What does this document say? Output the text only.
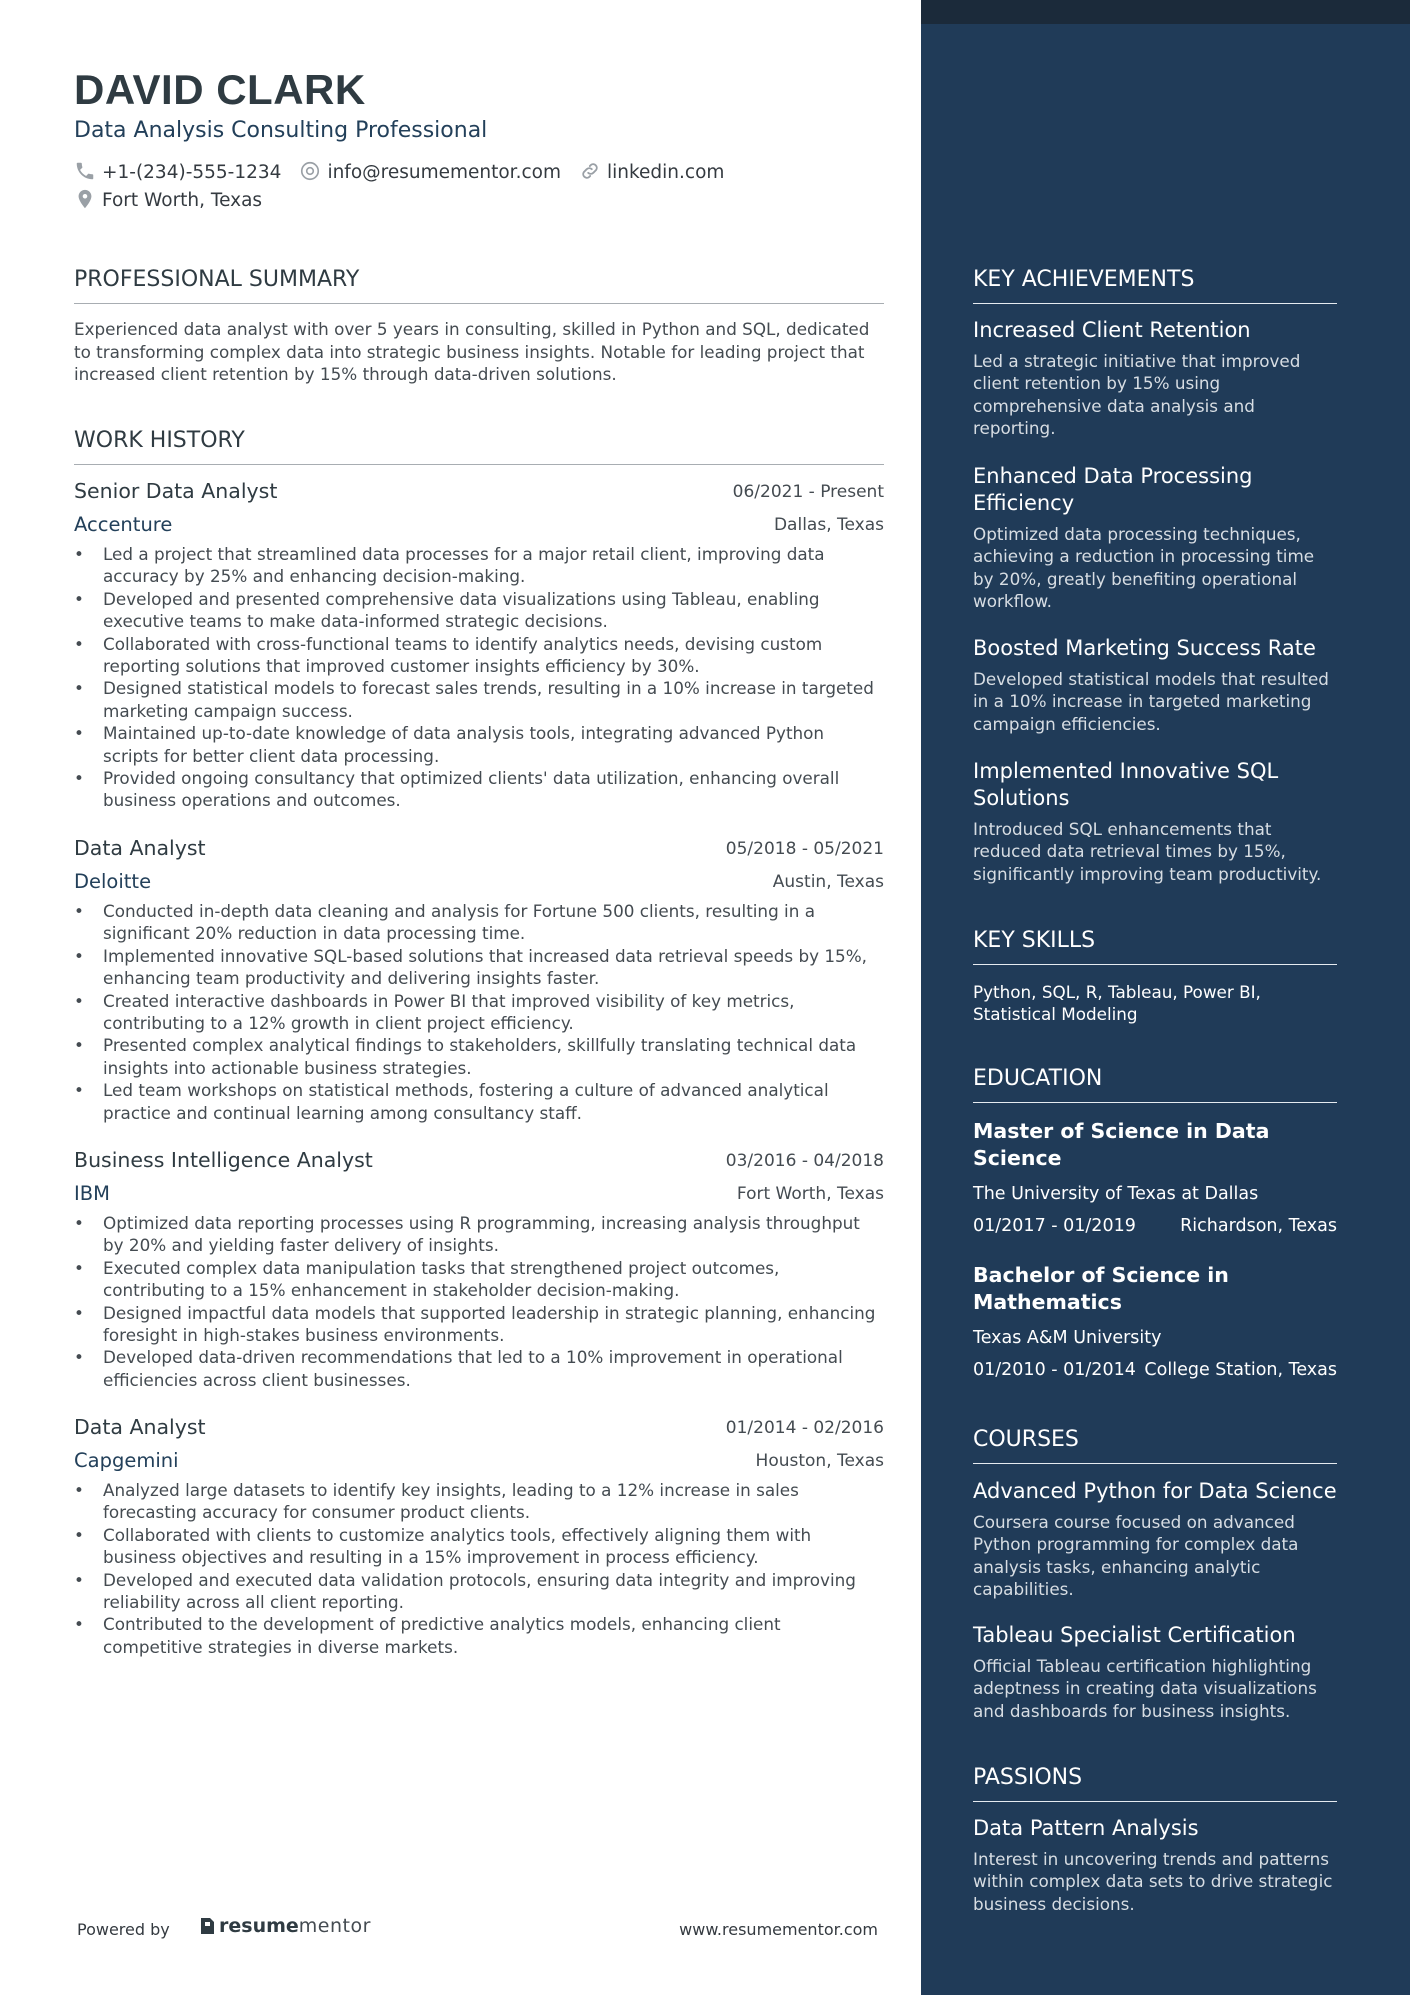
DAVID CLARK
Data Analysis Consulting Professional
+1-(234)-555-1234 info@resumementor.com linkedin.com
Fort Worth, Texas
PROFESSIONAL SUMMARY
Experienced data analyst with over 5 years in consulting, skilled in Python and SQL, dedicated to transforming complex data into strategic business insights. Notable for leading project that increased client retention by 15% through data-driven solutions.
WORK HISTORY
Senior Data Analyst	06/2021 - Present
Accenture	Dallas, Texas
• Led a project that streamlined data processes for a major retail client, improving data accuracy by 25% and enhancing decision-making.
• Developed and presented comprehensive data visualizations using Tableau, enabling executive teams to make data-informed strategic decisions.
• Collaborated with cross-functional teams to identify analytics needs, devising custom reporting solutions that improved customer insights efficiency by 30%.
• Designed statistical models to forecast sales trends, resulting in a 10% increase in targeted marketing campaign success.
• Maintained up-to-date knowledge of data analysis tools, integrating advanced Python scripts for better client data processing.
• Provided ongoing consultancy that optimized clients' data utilization, enhancing overall business operations and outcomes.
Data Analyst	05/2018 - 05/2021
Deloitte	Austin, Texas
• Conducted in-depth data cleaning and analysis for Fortune 500 clients, resulting in a significant 20% reduction in data processing time.
• Implemented innovative SQL-based solutions that increased data retrieval speeds by 15%, enhancing team productivity and delivering insights faster.
• Created interactive dashboards in Power BI that improved visibility of key metrics, contributing to a 12% growth in client project efficiency.
• Presented complex analytical findings to stakeholders, skillfully translating technical data insights into actionable business strategies.
• Led team workshops on statistical methods, fostering a culture of advanced analytical practice and continual learning among consultancy staff.
Business Intelligence Analyst	03/2016 - 04/2018
IBM	Fort Worth, Texas
• Optimized data reporting processes using R programming, increasing analysis throughput by 20% and yielding faster delivery of insights.
• Executed complex data manipulation tasks that strengthened project outcomes, contributing to a 15% enhancement in stakeholder decision-making.
• Designed impactful data models that supported leadership in strategic planning, enhancing foresight in high-stakes business environments.
• Developed data-driven recommendations that led to a 10% improvement in operational efficiencies across client businesses.
Data Analyst	01/2014 - 02/2016
Capgemini	Houston, Texas
• Analyzed large datasets to identify key insights, leading to a 12% increase in sales forecasting accuracy for consumer product clients.
• Collaborated with clients to customize analytics tools, effectively aligning them with business objectives and resulting in a 15% improvement in process efficiency.
• Developed and executed data validation protocols, ensuring data integrity and improving reliability across all client reporting.
• Contributed to the development of predictive analytics models, enhancing client competitive strategies in diverse markets.
Powered by	resume mentor	www.resumementor.com
KEY ACHIEVEMENTS
Increased Client Retention
Led a strategic initiative that improved client retention by 15% using comprehensive data analysis and reporting.
Enhanced Data Processing Efficiency
Optimized data processing techniques, achieving a reduction in processing time by 20%, greatly benefiting operational workflow.
Boosted Marketing Success Rate
Developed statistical models that resulted in a 10% increase in targeted marketing campaign efficiencies.
Implemented Innovative SQL Solutions
Introduced SQL enhancements that reduced data retrieval times by 15%, significantly improving team productivity.
KEY SKILLS
Python, SQL, R, Tableau, Power BI, Statistical Modeling
EDUCATION
Master of Science in Data Science
The University of Texas at Dallas
01/2017 - 01/2019	Richardson, Texas
Bachelor of Science in Mathematics
Texas A&M University
01/2010 - 01/2014 College Station, Texas
COURSES
Advanced Python for Data Science
Coursera course focused on advanced Python programming for complex data analysis tasks, enhancing analytic capabilities.
Tableau Specialist Certification
Official Tableau certification highlighting adeptness in creating data visualizations and dashboards for business insights.
PASSIONS
Data Pattern Analysis
Interest in uncovering trends and patterns within complex data sets to drive strategic business decisions.
